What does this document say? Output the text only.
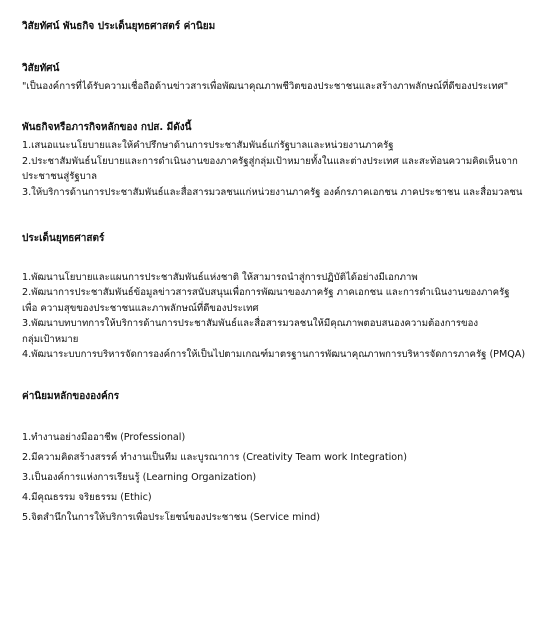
วิสัยทัศน์ พันธกิจ ประเด็นยุทธศาสตร์ ค่านิยม
วิสัยทัศน์
"เป็นองค์การที่ได้รับความเชื่อถือด้านข่าวสารเพื่อพัฒนาคุณภาพชีวิตของประชาชนและสร้างภาพลักษณ์ที่ดีของประเทศ"
พันธกิจหรือภารกิจหลักของ กปส. มีดังนี้
1.เสนอแนะนโยบายและให้คำปรึกษาด้านการประชาสัมพันธ์แก่รัฐบาลและหน่วยงานภาครัฐ
2.ประชาสัมพันธ์นโยบายและการดำเนินงานของภาครัฐสู่กลุ่มเป้าหมายทั้งในและต่างประเทศ และสะท้อนความคิดเห็นจาก
ประชาชนสู่รัฐบาล
3.ให้บริการด้านการประชาสัมพันธ์และสื่อสารมวลชนแก่หน่วยงานภาครัฐ องค์กรภาคเอกชน ภาคประชาชน และสื่อมวลชน
ประเด็นยุทธศาสตร์
1.พัฒนานโยบายและแผนการประชาสัมพันธ์แห่งชาติ ให้สามารถนำสู่การปฏิบัติได้อย่างมีเอกภาพ
2.พัฒนาการประชาสัมพันธ์ข้อมูลข่าวสารสนับสนุนเพื่อการพัฒนาของภาครัฐ ภาคเอกชน และการดำเนินงานของภาครัฐ
เพื่อ ความสุขของประชาชนและภาพลักษณ์ที่ดีของประเทศ
3.พัฒนาบทบาทการให้บริการด้านการประชาสัมพันธ์และสื่อสารมวลชนให้มีคุณภาพตอบสนองความต้องการของ
กลุ่มเป้าหมาย
4.พัฒนาระบบการบริหารจัดการองค์การให้เป็นไปตามเกณฑ์มาตรฐานการพัฒนาคุณภาพการบริหารจัดการภาครัฐ (PMQA)
ค่านิยมหลักขององค์กร
1.ทำงานอย่างมืออาชีพ (Professional)
2.มีความคิดสร้างสรรค์ ทำงานเป็นทีม และบูรณาการ (Creativity Team work Integration)
3.เป็นองค์การแห่งการเรียนรู้ (Learning Organization)
4.มีคุณธรรม จริยธรรม (Ethic)
5.จิตสำนึกในการให้บริการเพื่อประโยชน์ของประชาชน (Service mind)
